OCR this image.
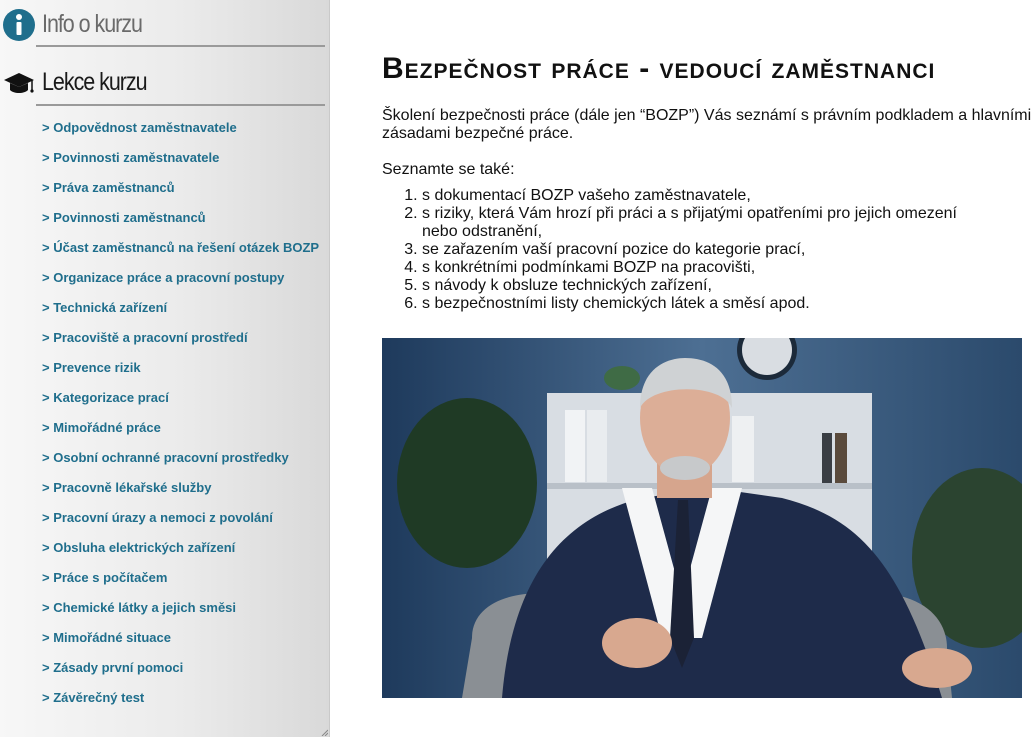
Info o kurzu
Lekce kurzu
> Odpovědnost zaměstnavatele
> Povinnosti zaměstnavatele
> Práva zaměstnanců
> Povinnosti zaměstnanců
> Účast zaměstnanců na řešení otázek BOZP
> Organizace práce a pracovní postupy
> Technická zařízení
> Pracoviště a pracovní prostředí
> Prevence rizik
> Kategorizace prací
> Mimořádné práce
> Osobní ochranné pracovní prostředky
> Pracovně lékařské služby
> Pracovní úrazy a nemoci z povolání
> Obsluha elektrických zařízení
> Práce s počítačem
> Chemické látky a jejich směsi
> Mimořádné situace
> Zásady první pomoci
> Závěrečný test
Bezpečnost práce - vedoucí zaměstnanci
Školení bezpečnosti práce (dále jen “BOZP”) Vás seznámí s právním podkladem a hlavními zásadami bezpečné práce.
Seznamte se také:
1. s dokumentací BOZP vašeho zaměstnavatele,
2. s riziky, která Vám hrozí při práci a s přijatými opatřeními pro jejich omezení nebo odstranění,
3. se zařazením vaší pracovní pozice do kategorie prací,
4. s konkrétními podmínkami BOZP na pracovišti,
5. s návody k obsluze technických zařízení,
6. s bezpečnostními listy chemických látek a směsí apod.
